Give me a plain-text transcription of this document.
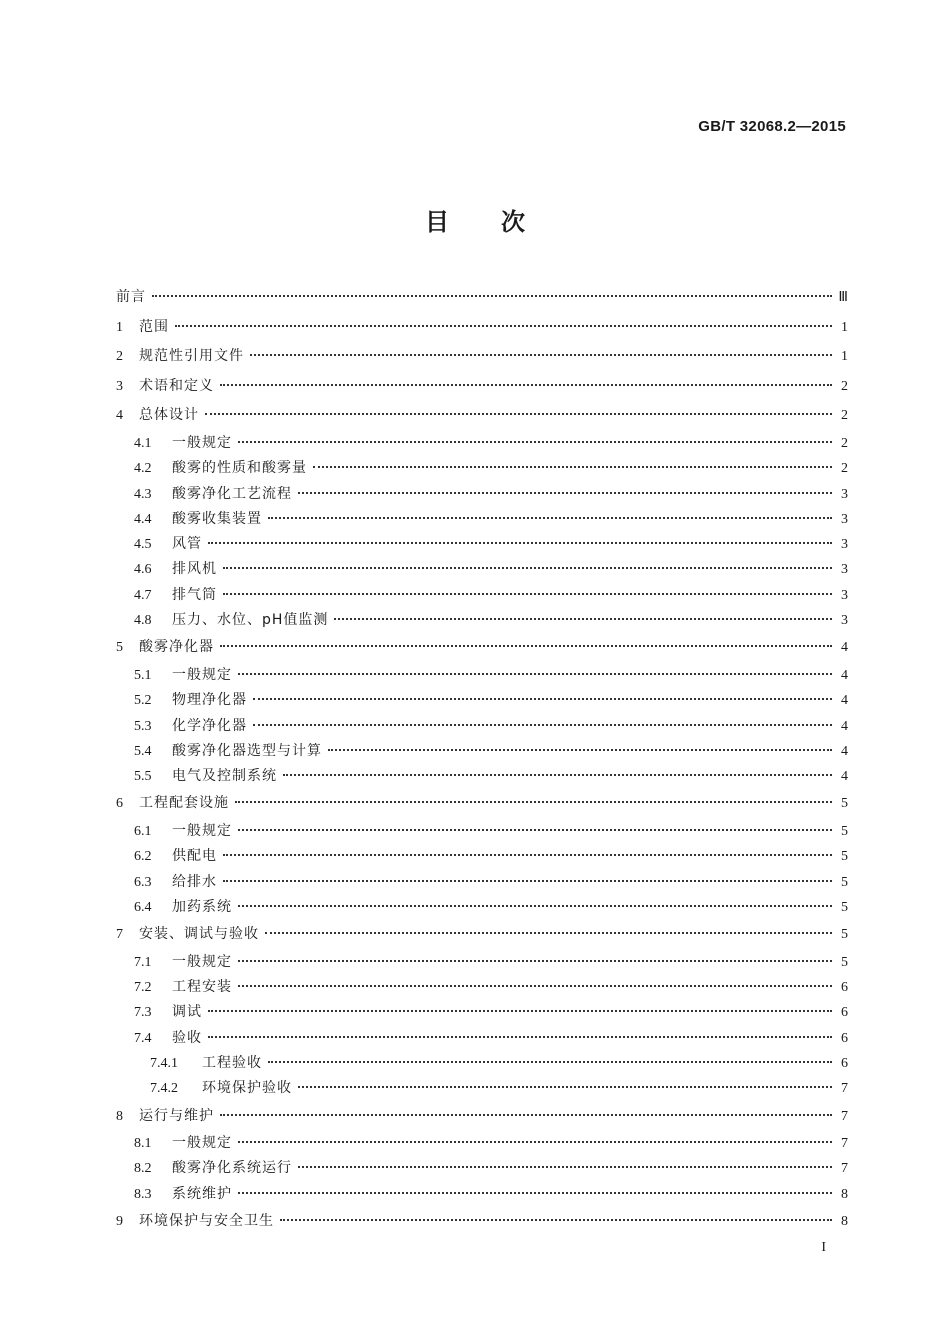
GB/T 32068.2—2015
目次
前言	Ⅲ
1 范围	1
2 规范性引用文件	1
3 术语和定义	2
4 总体设计	2
4.1	一般规定	2
4.2	酸雾的性质和酸雾量	2
4.3	酸雾净化工艺流程	3
4.4	酸雾收集装置	3
4.5	风管	3
4.6	排风机	3
4.7	排气筒	3
4.8	压力、水位、pH值监测	3
5 酸雾净化器	4
5.1	一般规定	4
5.2	物理净化器	4
5.3	化学净化器	4
5.4	酸雾净化器选型与计算	4
5.5	电气及控制系统	4
6 工程配套设施	5
6.1	一般规定	5
6.2	供配电	5
6.3	给排水	5
6.4	加药系统	5
7 安装、调试与验收	5
7.1	一般规定	5
7.2	工程安装	6
7.3	调试	6
7.4	验收	6
7.4.1	工程验收	6
7.4.2	环境保护验收	7
8 运行与维护	7
8.1	一般规定	7
8.2	酸雾净化系统运行	7
8.3	系统维护	8
9 环境保护与安全卫生	8
I
